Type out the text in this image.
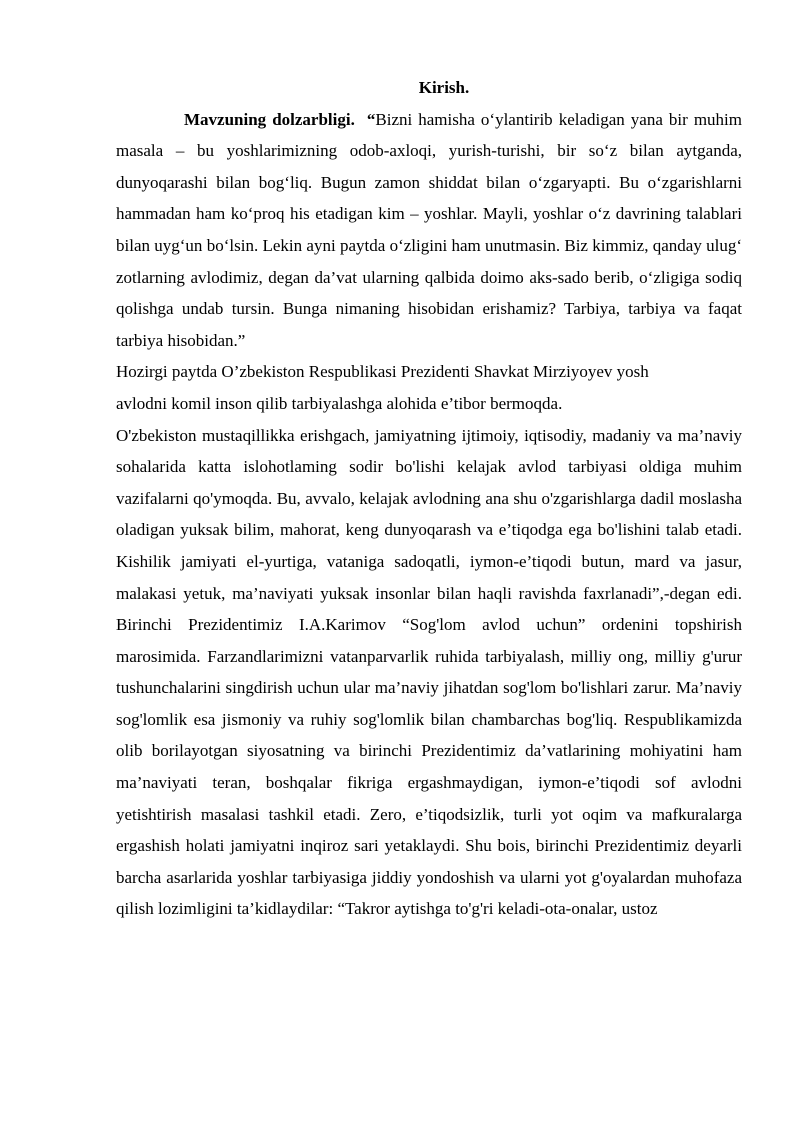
Kirish.

Mavzuning dolzarbligi. “Bizni hamisha o‘ylantirib keladigan yana bir muhim masala – bu yoshlarimizning odob-axloqi, yurish-turishi, bir so‘z bilan aytganda, dunyoqarashi bilan bog‘liq. Bugun zamon shiddat bilan o‘zgaryapti. Bu o‘zgarishlarni hammadan ham ko‘proq his etadigan kim – yoshlar. Mayli, yoshlar o‘z davrining talablari bilan uyg‘un bo‘lsin. Lekin ayni paytda o‘zligini ham unutmasin. Biz kimmiz, qanday ulug‘ zotlarning avlodimiz, degan da’vat ularning qalbida doimo aks-sado berib, o‘zligiga sodiq qolishga undab tursin. Bunga nimaning hisobidan erishamiz? Tarbiya, tarbiya va faqat tarbiya hisobidan.”

Hozirgi paytda O’zbekiston Respublikasi Prezidenti Shavkat Mirziyoyev yosh

avlodni komil inson qilib tarbiyalashga alohida e’tibor bermoqda.

O'zbekiston mustaqillikka erishgach, jamiyatning ijtimoiy, iqtisodiy, madaniy va ma’naviy sohalarida katta islohotlaming sodir bo'lishi kelajak avlod tarbiyasi oldiga muhim vazifalarni qo'ymoqda. Bu, avvalo, kelajak avlodning ana shu o'zgarishlarga dadil moslasha oladigan yuksak bilim, mahorat, keng dunyoqarash va e’tiqodga ega bo'lishini talab etadi. Kishilik jamiyati el-yurtiga, vataniga sadoqatli, iymon-e’tiqodi butun, mard va jasur, malakasi yetuk, ma’naviyati yuksak insonlar bilan haqli ravishda faxrlanadi”,-degan edi. Birinchi Prezidentimiz I.A.Karimov “Sog'lom avlod uchun” ordenini topshirish marosimida. Farzandlarimizni vatanparvarlik ruhida tarbiyalash, milliy ong, milliy g'urur tushunchalarini singdirish uchun ular ma’naviy jihatdan sog'lom bo'lishlari zarur. Ma’naviy sog'lomlik esa jismoniy va ruhiy sog'lomlik bilan chambarchas bog'liq. Respublikamizda olib borilayotgan siyosatning va birinchi Prezidentimiz da’vatlarining mohiyatini ham ma’naviyati teran, boshqalar fikriga ergashmaydigan, iymon-e’tiqodi sof avlodni yetishtirish masalasi tashkil etadi. Zero, e’tiqodsizlik, turli yot oqim va mafkuralarga ergashish holati jamiyatni inqiroz sari yetaklaydi. Shu bois, birinchi Prezidentimiz deyarli barcha asarlarida yoshlar tarbiyasiga jiddiy yondoshish va ularni yot g'oyalardan muhofaza qilish lozimligini ta’kidlaydilar: “Takror aytishga to'g'ri keladi-ota-onalar, ustoz
